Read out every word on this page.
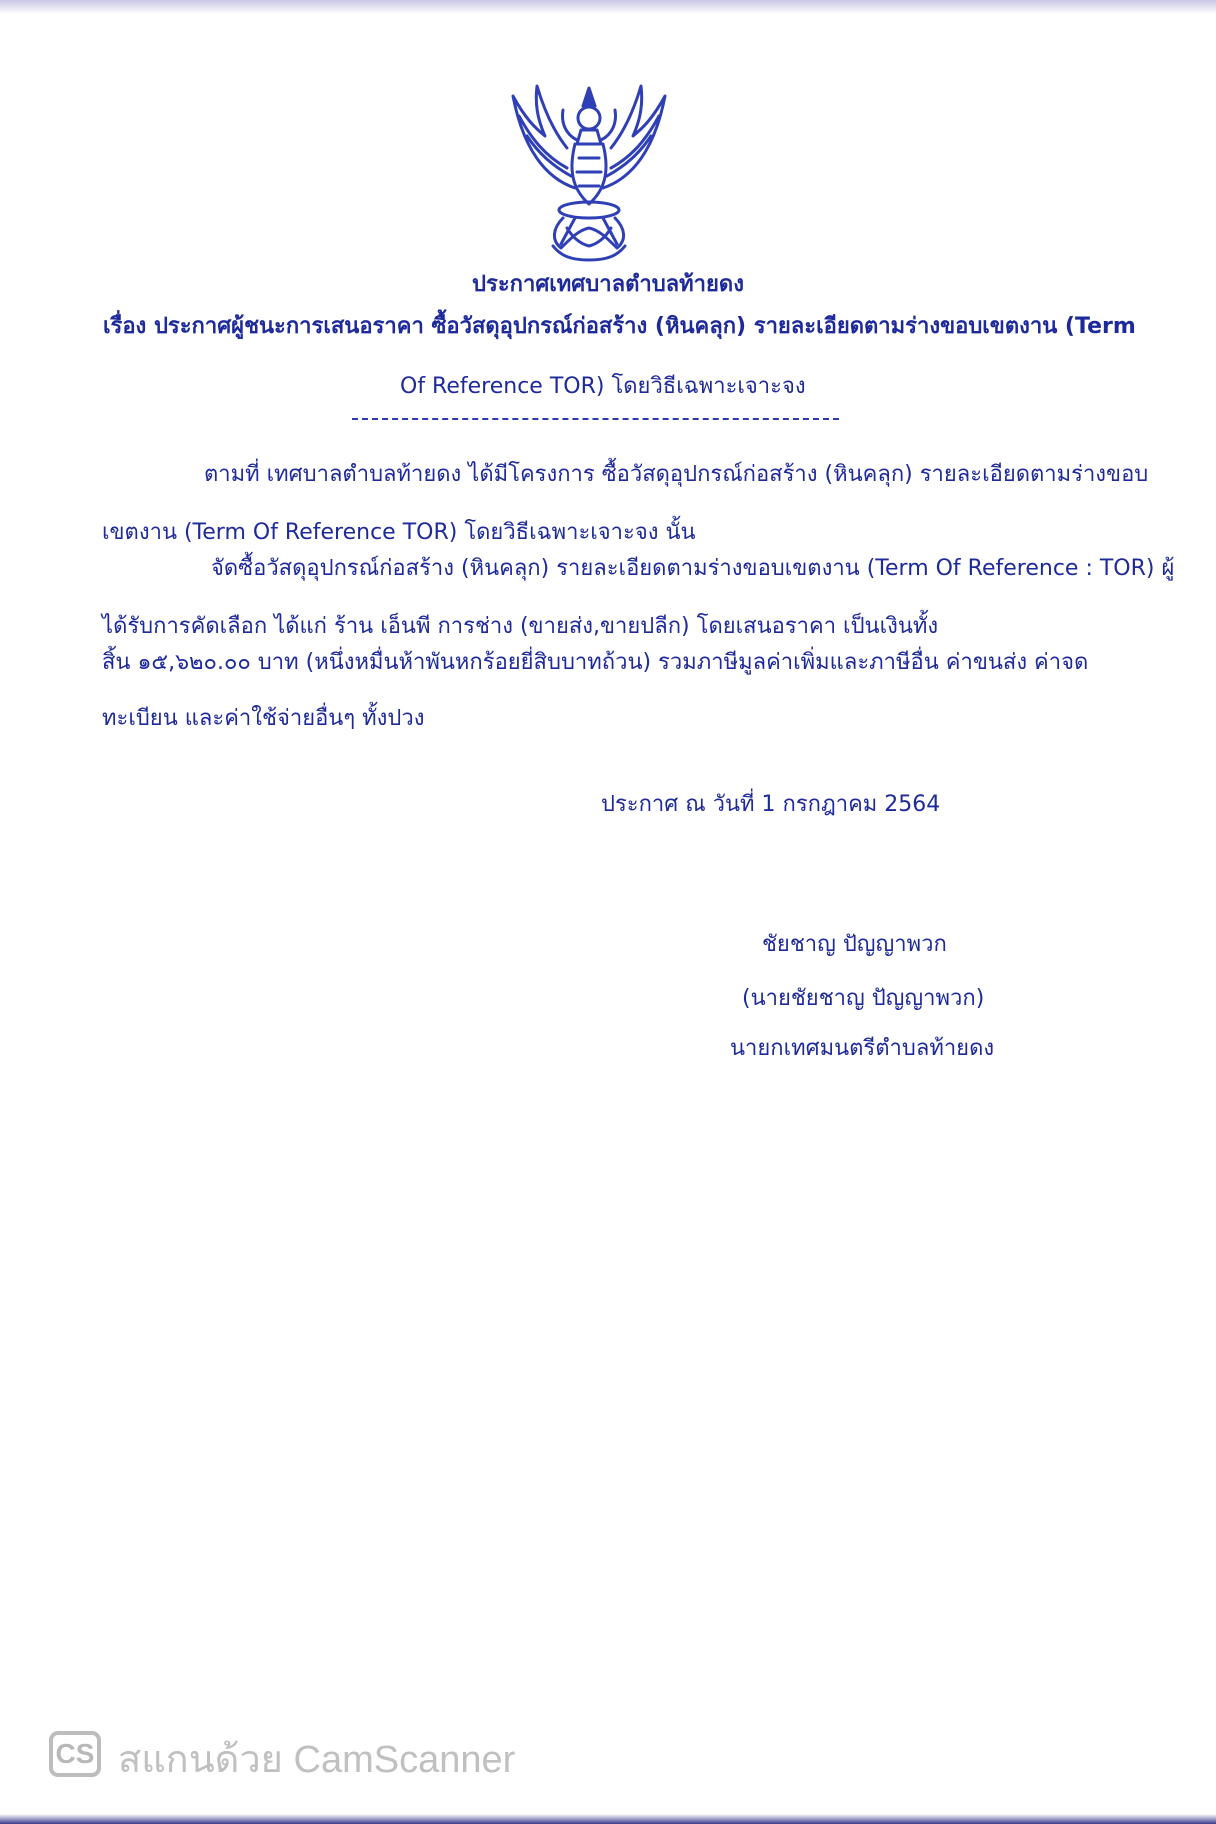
ประกาศเทศบาลตำบลท้ายดง
เรื่อง ประกาศผู้ชนะการเสนอราคา ซื้อวัสดุอุปกรณ์ก่อสร้าง (หินคลุก) รายละเอียดตามร่างขอบเขตงาน (Term
Of Reference TOR) โดยวิธีเฉพาะเจาะจง
ตามที่ เทศบาลตำบลท้ายดง ได้มีโครงการ ซื้อวัสดุอุปกรณ์ก่อสร้าง (หินคลุก) รายละเอียดตามร่างขอบ
เขตงาน (Term Of Reference TOR) โดยวิธีเฉพาะเจาะจง นั้น
จัดซื้อวัสดุอุปกรณ์ก่อสร้าง (หินคลุก) รายละเอียดตามร่างขอบเขตงาน (Term Of Reference : TOR) ผู้
ได้รับการคัดเลือก ได้แก่ ร้าน เอ็นพี การช่าง (ขายส่ง,ขายปลีก) โดยเสนอราคา เป็นเงินทั้ง
สิ้น ๑๕,๖๒๐.๐๐ บาท (หนึ่งหมื่นห้าพันหกร้อยยี่สิบบาทถ้วน) รวมภาษีมูลค่าเพิ่มและภาษีอื่น ค่าขนส่ง ค่าจด
ทะเบียน และค่าใช้จ่ายอื่นๆ ทั้งปวง
ประกาศ ณ วันที่ 1 กรกฎาคม 2564
ชัยชาญ ปัญญาพวก
(นายชัยชาญ ปัญญาพวก)
นายกเทศมนตรีตำบลท้ายดง
CS สแกนด้วย CamScanner
